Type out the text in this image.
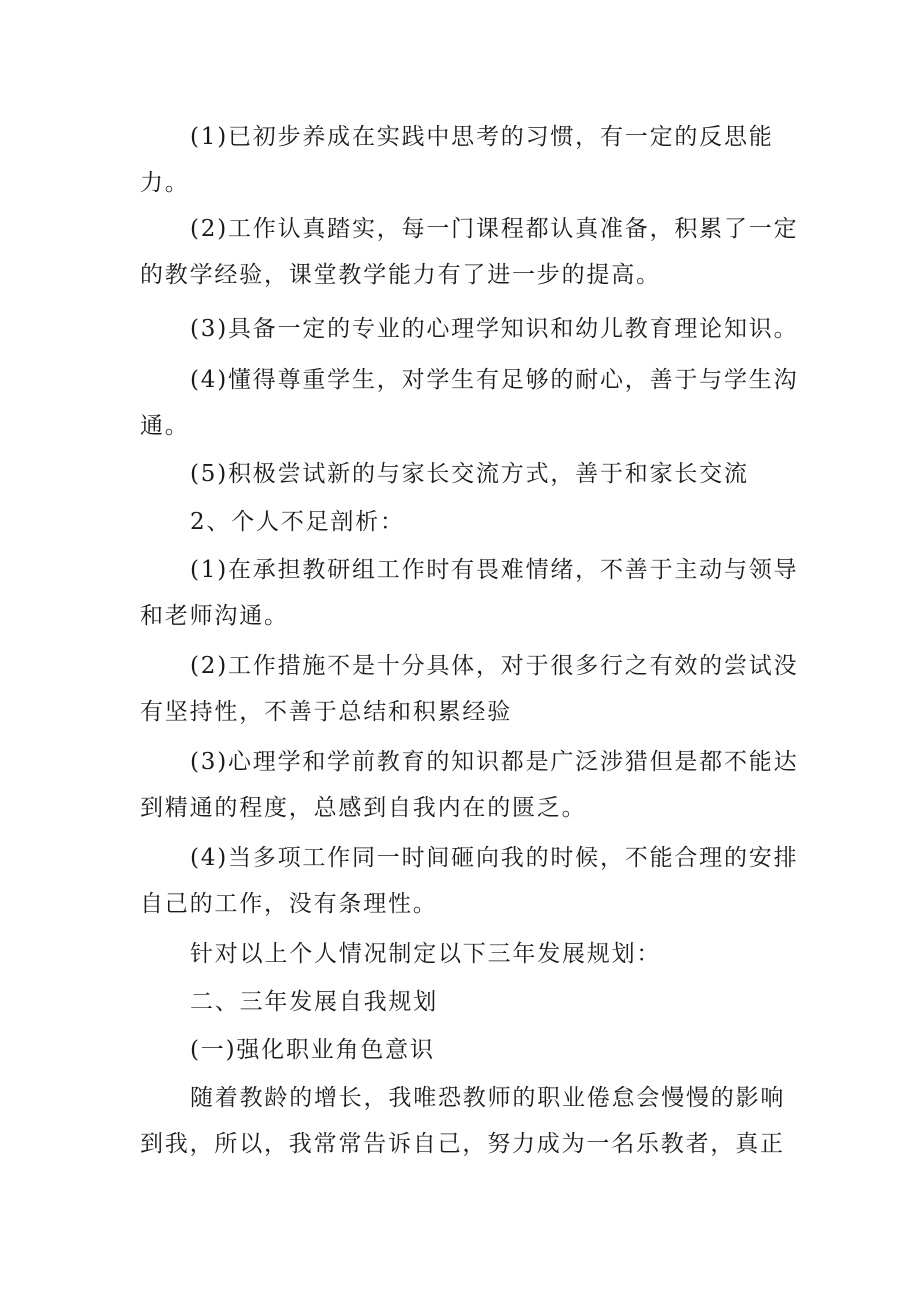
(1)已初步养成在实践中思考的习惯，有一定的反思能力。

(2)工作认真踏实，每一门课程都认真准备，积累了一定的教学经验，课堂教学能力有了进一步的提高。

(3)具备一定的专业的心理学知识和幼儿教育理论知识。

(4)懂得尊重学生，对学生有足够的耐心，善于与学生沟通。

(5)积极尝试新的与家长交流方式，善于和家长交流

2、个人不足剖析：

(1)在承担教研组工作时有畏难情绪，不善于主动与领导和老师沟通。

(2)工作措施不是十分具体，对于很多行之有效的尝试没有坚持性，不善于总结和积累经验

(3)心理学和学前教育的知识都是广泛涉猎但是都不能达到精通的程度，总感到自我内在的匮乏。

(4)当多项工作同一时间砸向我的时候，不能合理的安排自己的工作，没有条理性。

针对以上个人情况制定以下三年发展规划：

二、三年发展自我规划

(一)强化职业角色意识

随着教龄的增长，我唯恐教师的职业倦怠会慢慢的影响到我，所以，我常常告诉自己，努力成为一名乐教者，真正
